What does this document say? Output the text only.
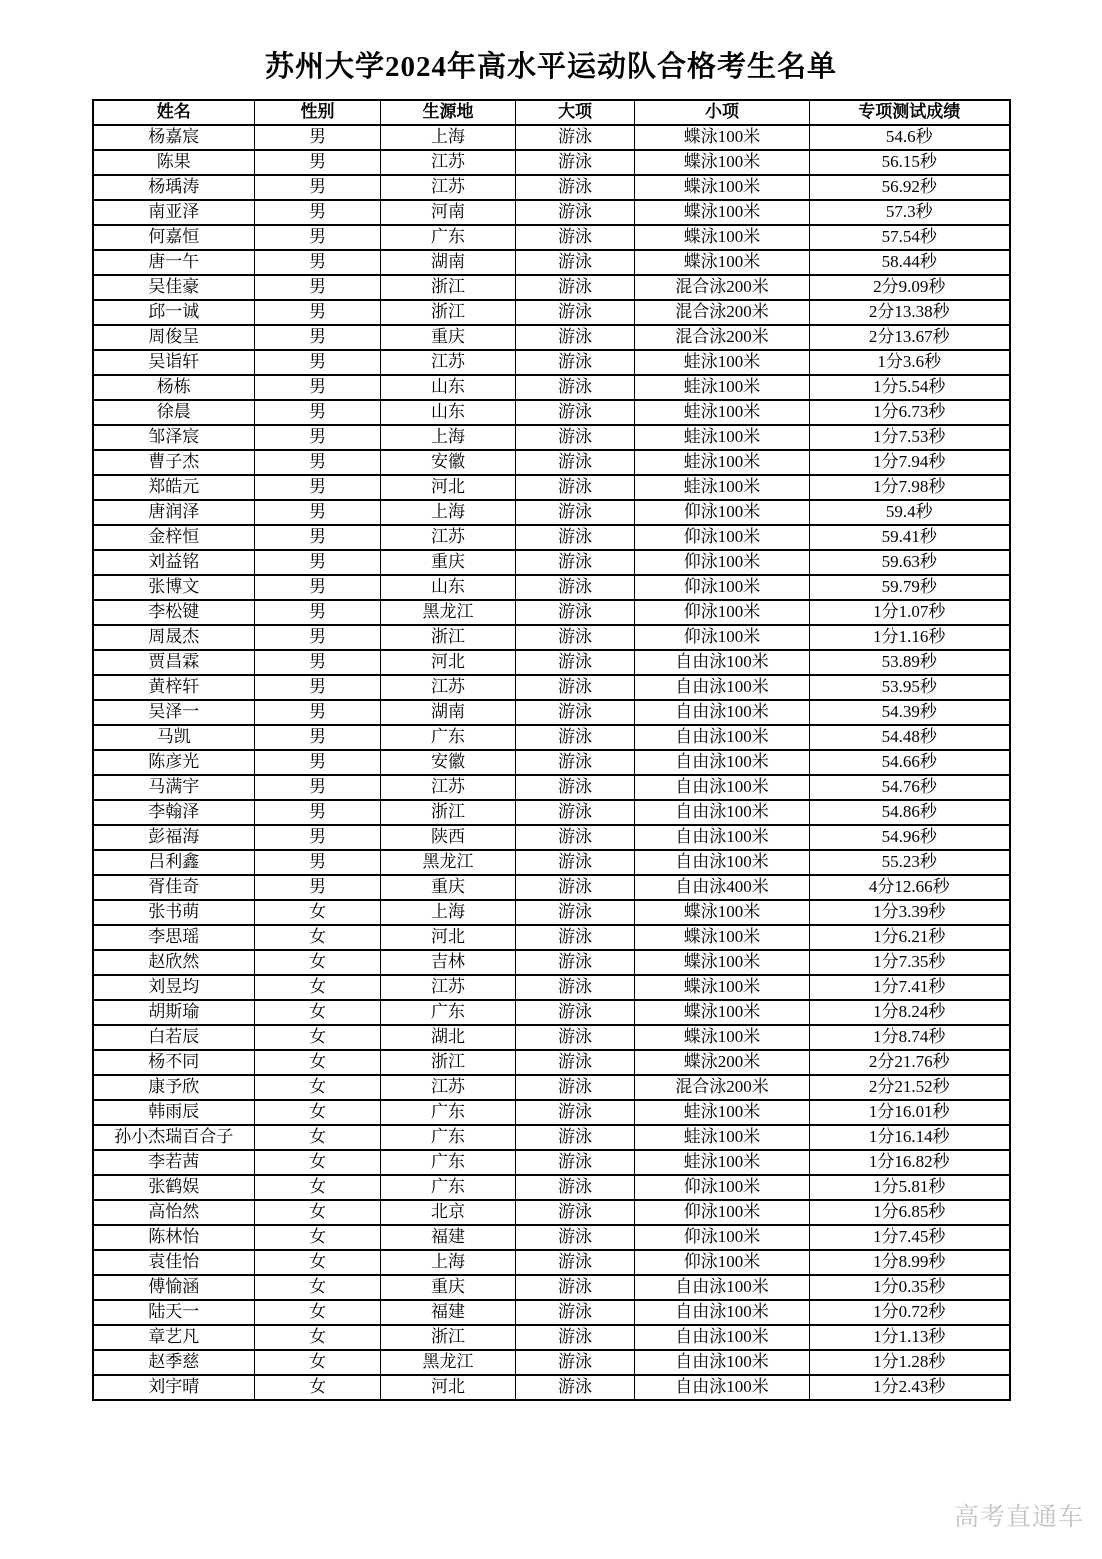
苏州大学2024年高水平运动队合格考生名单
姓名	性别	生源地	大项	小项	专项测试成绩
杨嘉宸	男	上海	游泳	蝶泳100米	54.6秒
陈果	男	江苏	游泳	蝶泳100米	56.15秒
杨瑀涛	男	江苏	游泳	蝶泳100米	56.92秒
南亚泽	男	河南	游泳	蝶泳100米	57.3秒
何嘉恒	男	广东	游泳	蝶泳100米	57.54秒
唐一午	男	湖南	游泳	蝶泳100米	58.44秒
吴佳豪	男	浙江	游泳	混合泳200米	2分9.09秒
邱一诚	男	浙江	游泳	混合泳200米	2分13.38秒
周俊呈	男	重庆	游泳	混合泳200米	2分13.67秒
吴诣轩	男	江苏	游泳	蛙泳100米	1分3.6秒
杨栋	男	山东	游泳	蛙泳100米	1分5.54秒
徐晨	男	山东	游泳	蛙泳100米	1分6.73秒
邹泽宸	男	上海	游泳	蛙泳100米	1分7.53秒
曹子杰	男	安徽	游泳	蛙泳100米	1分7.94秒
郑皓元	男	河北	游泳	蛙泳100米	1分7.98秒
唐润泽	男	上海	游泳	仰泳100米	59.4秒
金梓恒	男	江苏	游泳	仰泳100米	59.41秒
刘益铭	男	重庆	游泳	仰泳100米	59.63秒
张博文	男	山东	游泳	仰泳100米	59.79秒
李松键	男	黑龙江	游泳	仰泳100米	1分1.07秒
周晟杰	男	浙江	游泳	仰泳100米	1分1.16秒
贾昌霖	男	河北	游泳	自由泳100米	53.89秒
黄梓轩	男	江苏	游泳	自由泳100米	53.95秒
吴泽一	男	湖南	游泳	自由泳100米	54.39秒
马凯	男	广东	游泳	自由泳100米	54.48秒
陈彦光	男	安徽	游泳	自由泳100米	54.66秒
马满宇	男	江苏	游泳	自由泳100米	54.76秒
李翰泽	男	浙江	游泳	自由泳100米	54.86秒
彭福海	男	陕西	游泳	自由泳100米	54.96秒
吕利鑫	男	黑龙江	游泳	自由泳100米	55.23秒
胥佳奇	男	重庆	游泳	自由泳400米	4分12.66秒
张书萌	女	上海	游泳	蝶泳100米	1分3.39秒
李思瑶	女	河北	游泳	蝶泳100米	1分6.21秒
赵欣然	女	吉林	游泳	蝶泳100米	1分7.35秒
刘昱均	女	江苏	游泳	蝶泳100米	1分7.41秒
胡斯瑜	女	广东	游泳	蝶泳100米	1分8.24秒
白若辰	女	湖北	游泳	蝶泳100米	1分8.74秒
杨不同	女	浙江	游泳	蝶泳200米	2分21.76秒
康予欣	女	江苏	游泳	混合泳200米	2分21.52秒
韩雨辰	女	广东	游泳	蛙泳100米	1分16.01秒
孙小杰瑞百合子	女	广东	游泳	蛙泳100米	1分16.14秒
李若茜	女	广东	游泳	蛙泳100米	1分16.82秒
张鹤娱	女	广东	游泳	仰泳100米	1分5.81秒
高怡然	女	北京	游泳	仰泳100米	1分6.85秒
陈林怡	女	福建	游泳	仰泳100米	1分7.45秒
袁佳怡	女	上海	游泳	仰泳100米	1分8.99秒
傅愉涵	女	重庆	游泳	自由泳100米	1分0.35秒
陆天一	女	福建	游泳	自由泳100米	1分0.72秒
章艺凡	女	浙江	游泳	自由泳100米	1分1.13秒
赵季慈	女	黑龙江	游泳	自由泳100米	1分1.28秒
刘宇晴	女	河北	游泳	自由泳100米	1分2.43秒
高考直通车
